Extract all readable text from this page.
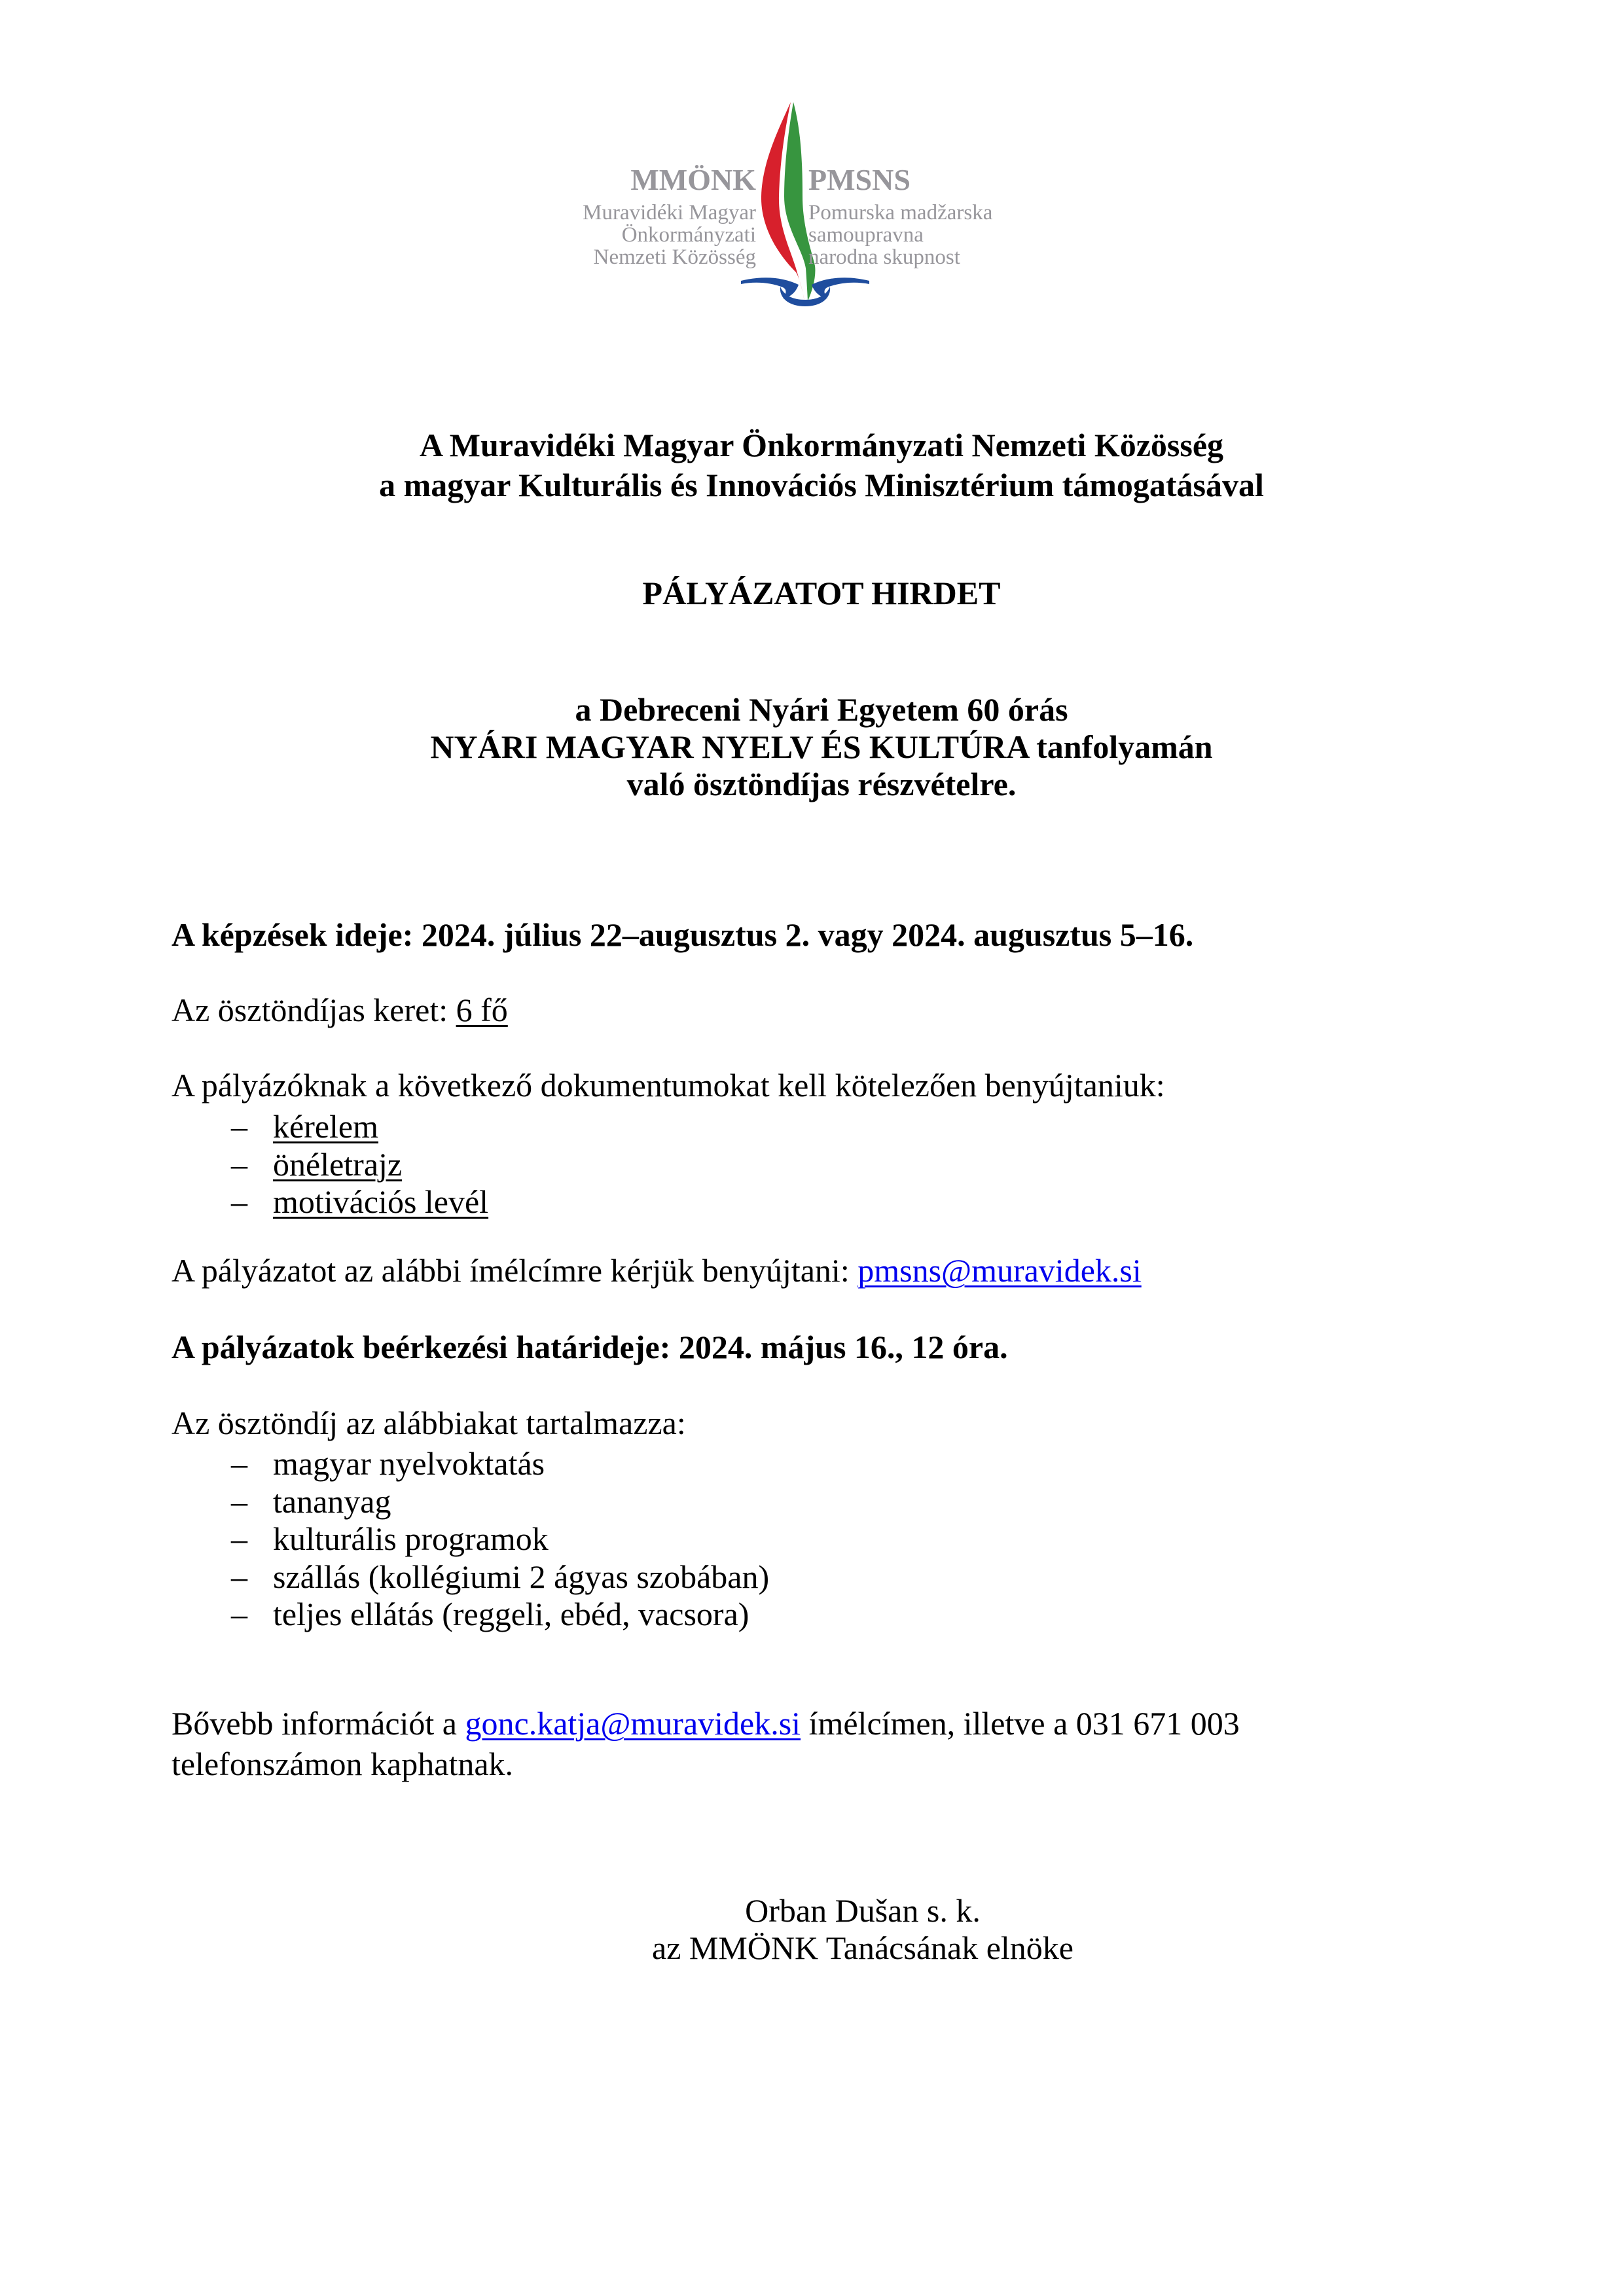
MMÖNK
Muravidéki Magyar
Önkormányzati
Nemzeti Közösség
PMSNS
Pomurska madžarska
samoupravna
narodna skupnost
A Muravidéki Magyar Önkormányzati Nemzeti Közösség
a magyar Kulturális és Innovációs Minisztérium támogatásával
PÁLYÁZATOT HIRDET
a Debreceni Nyári Egyetem 60 órás
NYÁRI MAGYAR NYELV ÉS KULTÚRA tanfolyamán
való ösztöndíjas részvételre.
A képzések ideje: 2024. július 22–augusztus 2. vagy 2024. augusztus 5–16.
Az ösztöndíjas keret: 6 fő
A pályázóknak a következő dokumentumokat kell kötelezően benyújtaniuk:
– kérelem
– önéletrajz
– motivációs levél
A pályázatot az alábbi ímélcímre kérjük benyújtani: pmsns@muravidek.si
A pályázatok beérkezési határideje: 2024. május 16., 12 óra.
Az ösztöndíj az alábbiakat tartalmazza:
– magyar nyelvoktatás
– tananyag
– kulturális programok
– szállás (kollégiumi 2 ágyas szobában)
– teljes ellátás (reggeli, ebéd, vacsora)
Bővebb információt a gonc.katja@muravidek.si ímélcímen, illetve a 031 671 003
telefonszámon kaphatnak.
Orban Dušan s. k.
az MMÖNK Tanácsának elnöke
